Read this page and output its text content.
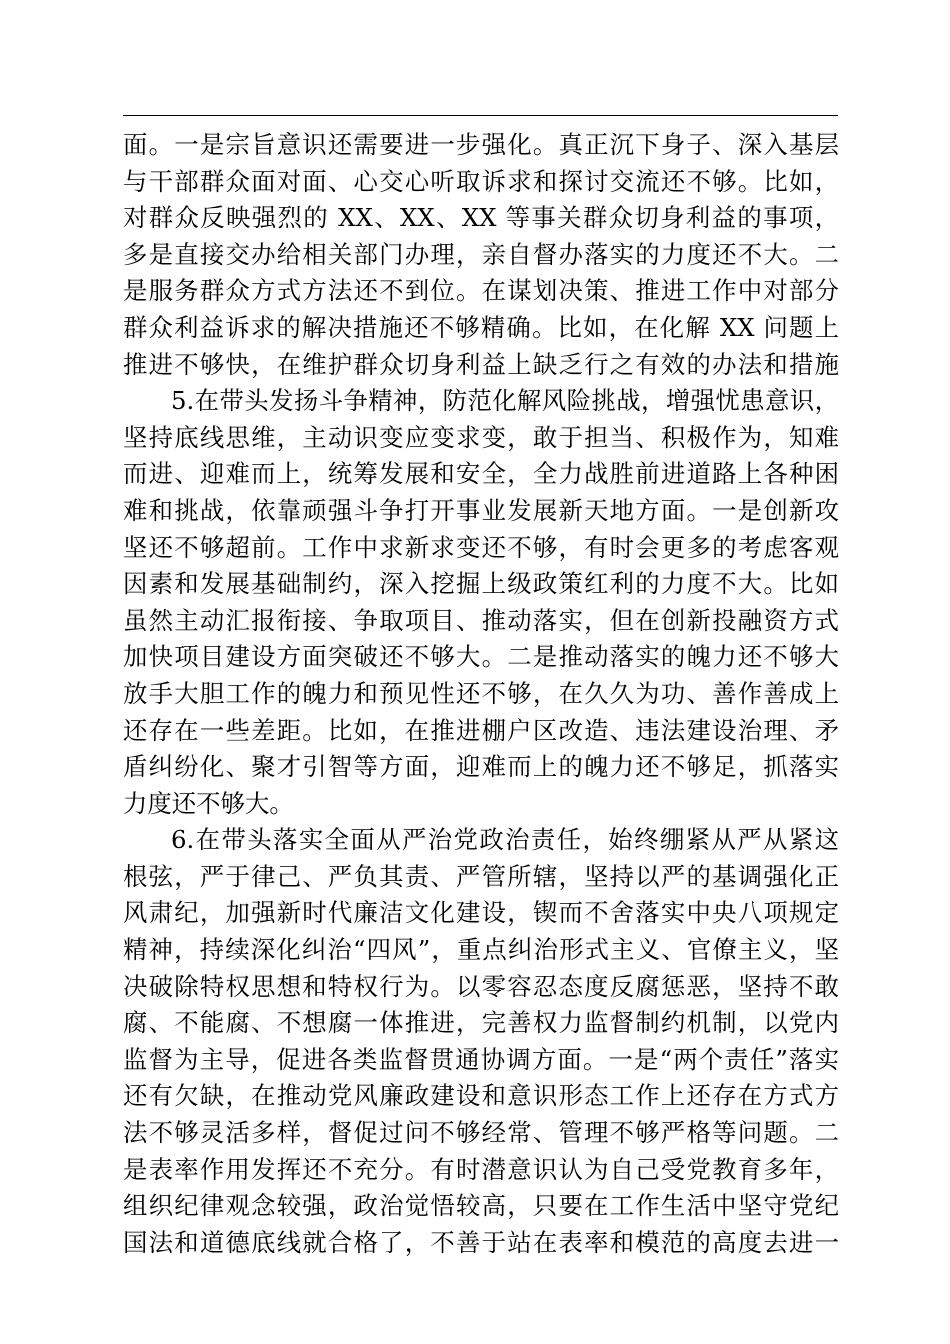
面。一是宗旨意识还需要进一步强化。真正沉下身子、深入基层
与干部群众面对面、心交心听取诉求和探讨交流还不够。比如，
对群众反映强烈的 XX、XX、XX 等事关群众切身利益的事项，
多是直接交办给相关部门办理，亲自督办落实的力度还不大。二
是服务群众方式方法还不到位。在谋划决策、推进工作中对部分
群众利益诉求的解决措施还不够精确。比如，在化解 XX 问题上
推进不够快，在维护群众切身利益上缺乏行之有效的办法和措施
5.在带头发扬斗争精神，防范化解风险挑战，增强忧患意识，
坚持底线思维，主动识变应变求变，敢于担当、积极作为，知难
而进、迎难而上，统筹发展和安全，全力战胜前进道路上各种困
难和挑战，依靠顽强斗争打开事业发展新天地方面。一是创新攻
坚还不够超前。工作中求新求变还不够，有时会更多的考虑客观
因素和发展基础制约，深入挖掘上级政策红利的力度不大。比如
虽然主动汇报衔接、争取项目、推动落实，但在创新投融资方式
加快项目建设方面突破还不够大。二是推动落实的魄力还不够大
放手大胆工作的魄力和预见性还不够，在久久为功、善作善成上
还存在一些差距。比如，在推进棚户区改造、违法建设治理、矛
盾纠纷化、聚才引智等方面，迎难而上的魄力还不够足，抓落实
力度还不够大。
6.在带头落实全面从严治党政治责任，始终绷紧从严从紧这
根弦，严于律己、严负其责、严管所辖，坚持以严的基调强化正
风肃纪，加强新时代廉洁文化建设，锲而不舍落实中央八项规定
精神，持续深化纠治“四风”，重点纠治形式主义、官僚主义，坚
决破除特权思想和特权行为。以零容忍态度反腐惩恶，坚持不敢
腐、不能腐、不想腐一体推进，完善权力监督制约机制，以党内
监督为主导，促进各类监督贯通协调方面。一是“两个责任”落实
还有欠缺，在推动党风廉政建设和意识形态工作上还存在方式方
法不够灵活多样，督促过问不够经常、管理不够严格等问题。二
是表率作用发挥还不充分。有时潜意识认为自己受党教育多年，
组织纪律观念较强，政治觉悟较高，只要在工作生活中坚守党纪
国法和道德底线就合格了，不善于站在表率和模范的高度去进一
